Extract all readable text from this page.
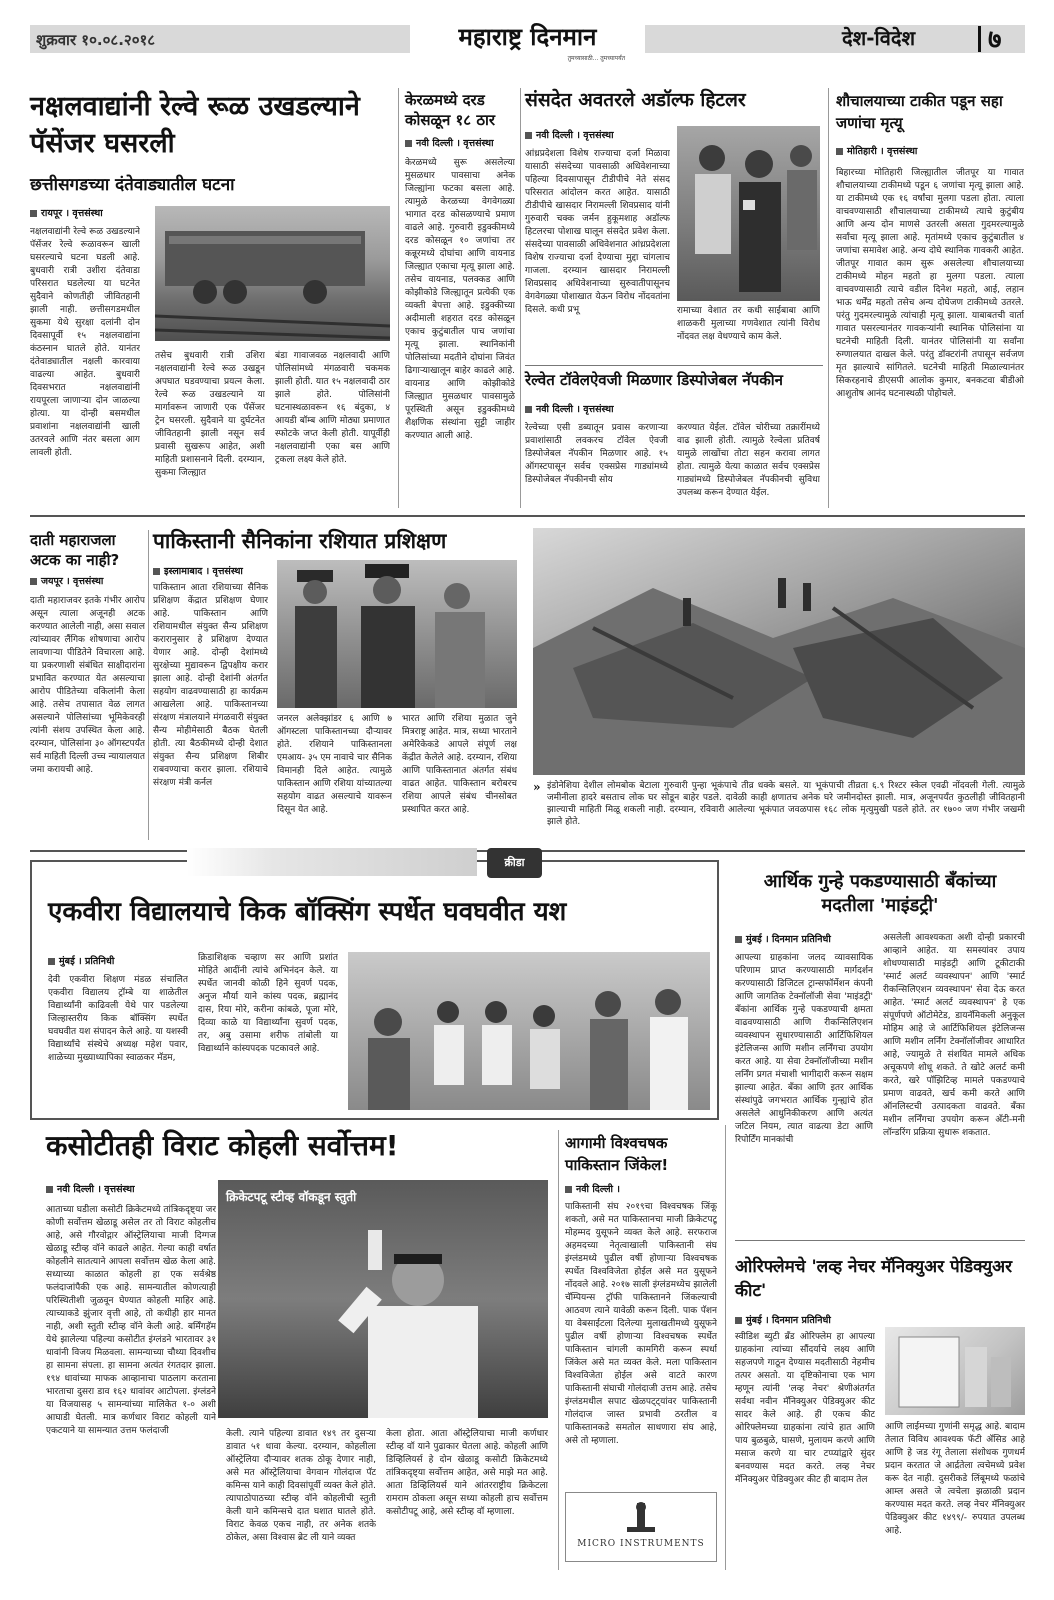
शुक्रवार १०.०८.२०१८	महाराष्ट्र दिनमान
तुमच्यासाठी... तुमच्यापर्यंत
देश-विदेश	७
नक्षलवाद्यांनी रेल्वे रूळ उखडल्याने पॅसेंजर घसरली
छत्तीसगडच्या दंतेवाड्यातील घटना
रायपूर । वृत्तसंस्था
नक्षलवाद्यांनी रेल्वे रूळ उखडल्याने पॅसेंजर रेल्वे रूळावरून खाली घसरल्याचे घटना घडली आहे. बुधवारी रात्री उशीरा दंतेवाडा परिसरात घडलेल्या या घटनेत सुदैवाने कोणतीही जीवितहानी झाली नाही. छत्तीसगडमधील सुकमा येथे सुरक्षा दलांनी दोन दिवसापूर्वी १५ नक्षलवाद्यांना कंठस्नान घातले होते. यानंतर दंतेवाड्यातील नक्षली कारवाया वाढल्या आहेत. बुधवारी दिवसभरात नक्षलवाद्यांनी रायपूरला जाणाऱ्या दोन जाळल्या होत्या. या दोन्ही बसमधील प्रवाशांना नक्षलवाद्यांनी खाली उतरवले आणि नंतर बसला आग लावली होती.
तसेच बुधवारी रात्री उशिरा नक्षलवाद्यांनी रेल्वे रूळ उखडून अपघात घडवण्याचा प्रयत्न केला. रेल्वे रूळ उखडल्याने या मार्गावरून जाणारी एक पॅसेंजर ट्रेन घसरली. सुदैवाने या दुर्घटनेत जीवितहानी झाली नसून सर्व प्रवासी सुखरूप आहेत, अशी माहिती प्रशासनाने दिली. दरम्यान, सुकमा जिल्ह्यात
बंडा गावाजवळ नक्षलवादी आणि पोलिसांमध्ये मंगळवारी चकमक झाली होती. यात १५ नक्षलवादी ठार झाले होते. पोलिसांनी घटनास्थळावरून १६ बंदुका, ४ आयडी बॉम्ब आणि मोठ्या प्रमाणात स्फोटके जप्त केली होती. यापूर्वीही नक्षलवाद्यांनी एका बस आणि ट्रकला लक्ष्य केले होते.
केरळमध्ये दरड कोसळून १८ ठार
नवी दिल्ली । वृत्तसंस्था
केरळमध्ये सुरू असलेल्या मुसळधार पावसाचा अनेक जिल्ह्यांना फटका बसला आहे. त्यामुळे केरळच्या वेगवेगळ्या भागात दरड कोसळण्याचे प्रमाण वाढले आहे. गुरुवारी इडुक्कीमध्ये दरड कोसळून १० जणांचा तर कन्नूरमध्ये दोघांचा आणि वायनाड जिल्ह्यात एकाचा मृत्यू झाला आहे. तसेच वायनाड, पलक्कड आणि कोझीकोडे जिल्ह्यातून प्रत्येकी एक व्यक्ती बेपत्ता आहे. इडुक्कीच्या अदीमाली शहरात दरड कोसळून एकाच कुटुंबातील पाच जणांचा मृत्यू झाला. स्थानिकांनी पोलिसांच्या मदतीने दोघांना जिवंत ढिगाऱ्याखालून बाहेर काढले आहे. वायनाड आणि कोझीकोडे जिल्ह्यात मुसळधार पावसामुळे पूरस्थिती असून इडुक्कीमध्ये शैक्षणिक संस्थांना सुट्टी जाहीर करण्यात आली आहे.
संसदेत अवतरले अडॉल्फ हिटलर
नवी दिल्ली । वृत्तसंस्था
आंध्रप्रदेशला विशेष राज्याचा दर्जा मिळावा यासाठी संसदेच्या पावसाळी अधिवेशनाच्या पहिल्या दिवसापासून टीडीपीचे नेते संसद परिसरात आंदोलन करत आहेत. यासाठी टीडीपीचे खासदार निरामल्ली शिवप्रसाद यांनी गुरुवारी चक्क जर्मन हुकूमशाह अडॉल्फ हिटलरचा पोशाख घालून संसदेत प्रवेश केला. संसदेच्या पावसाळी अधिवेशनात आंध्रप्रदेशला विशेष राज्याचा दर्जा देण्याचा मुद्दा चांगलाच गाजला. दरम्यान खासदार निरामल्ली शिवप्रसाद अधिवेशनाच्या सुरुवातीपासूनच वेगवेगळ्या पोशाखात येऊन विरोध नोंदवतांना दिसले. कधी प्रभू	रामाच्या वेशात तर कधी साईबाबा आणि शाळकरी मुलाच्या गणवेशात त्यांनी विरोध नोंदवत लक्ष वेधण्याचे काम केले.
रेल्वेत टॉवेलऐवजी मिळणार डिस्पोजेबल नॅपकीन
नवी दिल्ली । वृत्तसंस्था
रेल्वेच्या एसी डब्यातून प्रवास करणाऱ्या प्रवाशांसाठी लवकरच टॉवेल ऐवजी डिस्पोजेबल नॅपकीन मिळणार आहे. १५ ऑगस्टपासून सर्वच एक्सप्रेस गाड्यांमध्ये डिस्पोजेबल नॅपकीनची सोय
करण्यात येईल. टॉवेल चोरीच्या तक्रारींमध्ये वाढ झाली होती. त्यामुळे रेल्वेला प्रतिवर्ष यामुळे लाखोंचा तोटा सहन करावा लागत होता. त्यामुळे येत्या काळात सर्वच एक्सप्रेस गाड्यांमध्ये डिस्पोजेबल नॅपकीनची सुविधा उपलब्ध करून देण्यात येईल.
शौचालयाच्या टाकीत पडून सहा जणांचा मृत्यू
मोतिहारी । वृत्तसंस्था
बिहारच्या मोतिहारी जिल्ह्यातील जीतपूर या गावात शौचालयाच्या टाकीमध्ये पडून ६ जणांचा मृत्यू झाला आहे. या टाकीमध्ये एक १६ वर्षांचा मुलगा पडला होता. त्याला वाचवण्यासाठी शौचालयाच्या टाकीमध्ये त्याचे कुटुंबीय आणि अन्य दोन माणसे उतरली असता गुदमरल्यामुळे सर्वांचा मृत्यू झाला आहे. मृतांमध्ये एकाच कुटुंबातील ४ जणांचा समावेश आहे. अन्य दोघे स्थानिक गावकरी आहेत. जीतपूर गावात काम सुरू असलेल्या शौचालयाच्या टाकीमध्ये मोहन महतो हा मुलगा पडला. त्याला वाचवण्यासाठी त्याचे वडील दिनेश महतो, आई, लहान भाऊ धर्मेंद्र महतो तसेच अन्य दोघेजण टाकीमध्ये उतरले. परंतु गुदमरल्यामुळे त्यांचाही मृत्यू झाला. याबाबतची वार्ता गावात पसरल्यानंतर गावकऱ्यांनी स्थानिक पोलिसांना या घटनेची माहिती दिली. यानंतर पोलिसांनी या सर्वांना रुग्णालयात दाखल केले. परंतु डॉक्टरांनी तपासून सर्वजण मृत झाल्याचे सांगितले. घटनेची माहिती मिळाल्यानंतर सिकरहनाचे डीएसपी आलोक कुमार, बनकटवा बीडीओ आशुतोष आनंद घटनास्थळी पोहोचले.
दाती महाराजला अटक का नाही?
जयपूर । वृत्तसंस्था
दाती महाराजवर इतके गंभीर आरोप असून त्याला अजूनही अटक करण्यात आलेली नाही, असा सवाल त्यांच्यावर लैंगिक शोषणाचा आरोप लावणाऱ्या पीडितेने विचारला आहे. या प्रकरणाशी संबंधित साक्षीदारांना प्रभावित करण्यात येत असल्याचा आरोप पीडितेच्या वकिलांनी केला आहे. तसेच तपासात वेळ लागत असल्याने पोलिसांच्या भूमिकेवरही त्यांनी संशय उपस्थित केला आहे. दरम्यान, पोलिसांना ३० ऑगस्टपर्यंत सर्व माहिती दिल्ली उच्च न्यायालयात जमा करायची आहे.
पाकिस्तानी सैनिकांना रशियात प्रशिक्षण
इस्लामाबाद । वृत्तसंस्था
पाकिस्तान आता रशियाच्या सैनिक प्रशिक्षण केंद्रात प्रशिक्षण घेणार आहे. पाकिस्तान आणि रशियामधील संयुक्त सैन्य प्रशिक्षण करारानुसार हे प्रशिक्षण देण्यात येणार आहे. दोन्ही देशांमध्ये सुरक्षेच्या मुद्यावरून द्विपक्षीय करार झाला आहे. दोन्ही देशांनी अंतर्गत सहयोग वाढवण्यासाठी हा कार्यक्रम आखलेला आहे. पाकिस्तानच्या संरक्षण मंत्रालयाने मंगळवारी संयुक्त सैन्य मोहीमेसाठी बैठक घेतली होती. त्या बैठकीमध्ये दोन्ही देशात संयुक्त सैन्य प्रशिक्षण शिबीर राबवण्याचा करार झाला. रशियाचे संरक्षण मंत्री कर्नल
जनरल अलेक्झांडर ६ आणि ७ ऑगस्टला पाकिस्तानच्या दौऱ्यावर होते. रशियाने पाकिस्तानला एमआय- ३५ एम नावाचे चार सैनिक विमानही दिले आहेत. त्यामुळे पाकिस्तान आणि रशिया यांच्यातल्या सहयोग वाढत असल्याचे यावरून दिसून येत आहे.
भारत आणि रशिया मुळात जुने मित्रराष्ट्र आहेत. मात्र, सध्या भारताने अमेरिकेकडे आपले संपूर्ण लक्ष केंद्रीत केलेले आहे. दरम्यान, रशिया आणि पाकिस्तानात अंतर्गत संबंध वाढत आहेत. पाकिस्तान बरोबरच रशिया आपले संबंध चीनसोबत प्रस्थापित करत आहे.
» इंडोनेशिया देशील लोमबोक बेटाला गुरुवारी पुन्हा भूकंपाचे तीव्र धक्के बसले. या भूकंपाची तीव्रता ६.९ रिश्टर स्केल एवढी नोंदवली गेली. त्यामुळे जमीनीला हादरे बसताच लोक घर सोडून बाहेर पडले. दावेळी काही क्षणातच अनेक घरे जमीनदोस्त झाली. मात्र, अजूनपर्यंत कुठलीही जीवितहानी झाल्याची माहिती मिळू शकली नाही. दरम्यान, रविवारी आलेल्या भूकंपात जवळपास १६८ लोक मृत्युमुखी पडले होते. तर १७०० जण गंभीर जखमी झाले होते.
क्रीडा
एकवीरा विद्यालयाचे किक बॉक्सिंग स्पर्धेत घवघवीत यश
मुंबई । प्रतिनिधी
देवी एकवीरा शिक्षण मंडळ संचालित एकवीरा विद्यालय ट्रॉम्बे या शाळेतील विद्यार्थ्यांनी काढिवली येथे पार पडलेल्या जिल्हास्तरीय किक बॉक्सिंग स्पर्धेत घवघवीत यश संपादन केले आहे. या यशस्वी विद्यार्थ्यांचे संस्थेचे अध्यक्ष महेश पवार, शाळेच्या मुख्याध्यापिका स्वाळकर मॅडम,
क्रिडाशिक्षक चव्हाण सर आणि प्रशांत मोहिते आदींनी त्यांचे अभिनंदन केले. या स्पर्धेत जानवी कोळी हिने सुवर्ण पदक, अनुज मौर्या याने कांस्य पदक, ब्रह्मानंद दास, रिया मोरे, करीना कांबळे, पूजा मोरे, दिव्या काळे या विद्यार्थ्यांना सुवर्ण पदक, तर, अबु उसामा शरीफ तांबोली या विद्यार्थ्याने कांस्यपदक पटकावले आहे.
आर्थिक गुन्हे पकडण्यासाठी बँकांच्या मदतीला 'माइंडट्री'
मुंबई । दिनमान प्रतिनिधी
आपल्या ग्राहकांना जलद व्यावसायिक परिणाम प्राप्त करण्यासाठी मार्गदर्शन करण्यासाठी डिजिटल ट्रान्सफॉर्मेशन कंपनी आणि जागतिक टेक्नॉलॉजी सेवा 'माइंडट्री' बँकांना आर्थिक गुन्हे पकडण्याची क्षमता वाढवण्यासाठी आणि रीकन्सिलिएशन व्यवस्थापन सुधारण्यासाठी आर्टिफिशियल इंटेलिजन्स आणि मशीन लर्निंगचा उपयोग करत आहे. या सेवा टेक्नॉलॉजीच्या मशीन लर्निंग प्रगत मंचाशी भागीदारी करून सक्षम झाल्या आहेत. बँका आणि इतर आर्थिक संस्थांपुढे जगभरात आर्थिक गुन्ह्यांचे होत असलेले आधुनिकीकरण आणि अत्यंत जटिल नियम, त्यात वाढत्या डेटा आणि रिपोर्टिंग मानकांची
असलेली आवश्यकता अशी दोन्ही प्रकारची आव्हाने आहेत. या समस्यांवर उपाय शोधण्यासाठी माइंडट्री आणि टूकीटाकी 'स्मार्ट अलर्ट व्यवस्थापन' आणि 'स्मार्ट रीकन्सिलिएशन व्यवस्थापन' सेवा देऊ करत आहेत. 'स्मार्ट अलर्ट व्यवस्थापन' हे एक संपूर्णपणे ऑटोमेटेड, डायनॅमिकली अनुकूल मोहिम आहे जे आर्टिफिशियल इंटेलिजन्स आणि मशीन लर्निंग टेक्नॉलॉजीवर आधारित आहे, ज्यामुळे ते संशयित मामले अधिक अचूकपणे शोधू शकते. ते खोटे अलर्ट कमी करते, खरे पॉझिटिव्ह मामले पकडण्याचे प्रमाण वाढवते, खर्च कमी करते आणि ऑनलिस्टची उत्पादकता वाढवते. बँका मशीन लर्निंगचा उपयोग करून अँटी-मनी लॉन्डरिंग प्रक्रिया सुधारू शकतात.
कसोटीतही विराट कोहली सर्वोत्तम!
नवी दिल्ली । वृत्तसंस्था
आताच्या घडीला कसोटी क्रिकेटमध्ये तांत्रिकदृष्ट्या जर कोणी सर्वोत्तम खेळाडू असेल तर तो विराट कोहलीच आहे, असे गौरवोद्गार ऑस्ट्रेलियाचा माजी दिग्गज खेळाडू स्टीव्ह वॉने काढले आहेत. गेल्या काही वर्षात कोहलीने सातत्याने आपला सर्वोत्तम खेळ केला आहे. सध्याच्या काळात कोहली हा एक सर्वश्रेष्ठ फलंदाजांपैकी एक आहे. सामन्यातील कोणत्याही परिस्थितीशी जुळवून घेण्यात कोहली माहिर आहे. त्याच्याकडे झुंजार वृत्ती आहे, तो कधीही हार मानत नाही, अशी स्तुती स्टीव्ह वॉने केली आहे. बर्मिंगहॅम येथे झालेल्या पहिल्या कसोटीत इंग्लंडने भारतावर ३१ धावांनी विजय मिळवला. सामन्याच्या चौथ्या दिवशीच हा सामना संपला. हा सामना अत्यंत रंगतदार झाला. १९४ धावांच्या माफक आव्हानाचा पाठलाग करताना भारताचा दुसरा डाव १६२ धावांवर आटोपला. इंग्लंडने या विजयासह ५ सामन्यांच्या मालिकेत १-० अशी आघाडी घेतली. मात्र कर्णधार विराट कोहली याने एकटयाने या सामन्यात उत्तम फलंदाजी
क्रिकेटपटू स्टीव्ह वॉकडून स्तुती
केली. त्याने पहिल्या डावात १४९ तर दुसऱ्या डावात ५१ धावा केल्या. दरम्यान, कोहलीला ऑस्ट्रेलिया दौऱ्यावर शतक ठोकू देणार नाही, असे मत ऑस्ट्रेलियाचा वेगवान गोलंदाज पॅट कमिन्स याने काही दिवसांपूर्वी व्यक्त केले होते. त्यापाठोपाठच्या स्टीव्ह वॉने कोहलीची स्तुती केली याने कमिन्सचे दात घशात घातले होते. विराट केवळ एकच नाही, तर अनेक शतके ठोकेल, असा विश्वास ब्रेट ली याने व्यक्त
केला होता. आता ऑस्ट्रेलियाचा माजी कर्णधार स्टीव्ह वॉ याने पुढाकार घेतला आहे. कोहली आणि डिव्हिलियर्स हे दोन खेळाडू कसोटी क्रिकेटमध्ये तांत्रिकदृष्ट्या सर्वोत्तम आहेत, असे माझे मत आहे. आता डिव्हिलियर्स याने आंतरराष्ट्रीय क्रिकेटला रामराम ठोकला असून सध्या कोहली हाच सर्वोत्तम कसोटीपटू आहे, असे स्टीव्ह वॉ म्हणाला.
आगामी विश्वचषक पाकिस्तान जिंकेल!
नवी दिल्ली ।
पाकिस्तानी संघ २०१९चा विश्वचषक जिंकू शकतो, असे मत पाकिस्तानचा माजी क्रिकेटपटू मोहम्मद युसूफने व्यक्त केले आहे. सरफराज अहमदच्या नेतृत्वाखाली पाकिस्तानी संघ इंग्लंडमध्ये पुढील वर्षी होणाऱ्या विश्वचषक स्पर्धेत विश्वविजेता होईल असे मत युसूफने नोंदवले आहे. २०१७ साली इंग्लंडमध्येच झालेली चॅम्पियन्स ट्रॉफी पाकिस्तानने जिंकल्याची आठवण त्याने यावेळी करून दिली. पाक पॅशन या वेबसाईटला दिलेल्या मुलाखतीमध्ये युसूफने पुढील वर्षी होणाऱ्या विश्वचषक स्पर्धेत पाकिस्तान चांगली कामगिरी करून स्पर्धा जिंकेल असे मत व्यक्त केले. मला पाकिस्तान विश्वविजेता होईल असे वाटते कारण पाकिस्तानी संघाची गोलंदाजी उत्तम आहे. तसेच इंग्लंडमधील सपाट खेळपट्ट्यांवर पाकिस्तानी गोलंदाज जास्त प्रभावी ठरतील व पाकिस्तानकडे समतोल साधणारा संघ आहे, असे तो म्हणाला.
MICRO INSTRUMENTS
ओरिफ्लेमचे 'लव्ह नेचर मॅनिक्युअर पेडिक्युअर कीट'
मुंबई । दिनमान प्रतिनिधी
स्वीडिश ब्युटी ब्रँड ओरिफ्लेम हा आपल्या ग्राहकांना त्यांच्या सौंदर्याचे लक्ष्य आणि सहजपणे गाठून देण्यास मदतीसाठी नेहमीच तत्पर असतो. या दृष्टिकोनाचा एक भाग म्हणून त्यांनी 'लव्ह नेचर' श्रेणीअंतर्गत सर्वथा नवीन मॅनिक्युअर पेडिक्युअर कीट सादर केले आहे. ही एकच कीट ओरिफ्लेमच्या ग्राहकांना त्यांचे हात आणि पाय बुळबुळे, घासणे, मुलायम करणे आणि मसाज करणे या चार टप्प्यांद्वारे सुंदर बनवण्यास मदत करते. लव्ह नेचर मॅनिक्युअर पेडिक्युअर कीट ही बादाम तेल
आणि लाईमच्या गुणांनी समृद्ध आहे. बादाम तेलात विविध आवश्यक फॅटी ॲसिड आहे आणि हे जड रंगू तेलाला संशोधक गुणधर्म प्रदान करतात जे आर्द्रतेला त्वचेमध्ये प्रवेश करू देत नाही. दुसरीकडे लिंबूमध्ये फळांचे आम्ल असते जे त्वचेला झळाळी प्रदान करण्यास मदत करते. लव्ह नेचर मॅनिक्युअर पेडिक्युअर कीट १४९९/- रुपयात उपलब्ध आहे.
